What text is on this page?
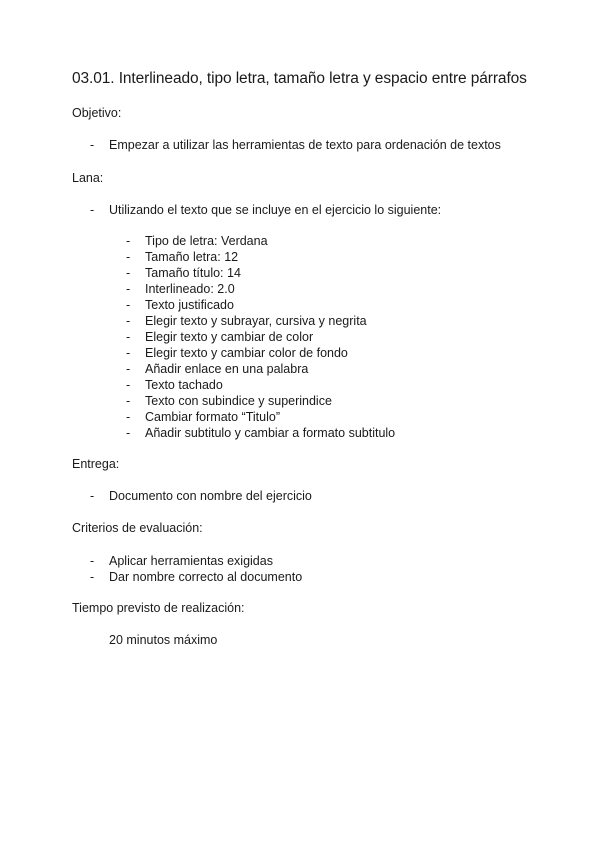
03.01. Interlineado, tipo letra, tamaño letra y espacio entre párrafos
Objetivo:
- Empezar a utilizar las herramientas de texto para ordenación de textos
Lana:
- Utilizando el texto que se incluye en el ejercicio lo siguiente:
- Tipo de letra: Verdana
- Tamaño letra: 12
- Tamaño título: 14
- Interlineado: 2.0
- Texto justificado
- Elegir texto y subrayar, cursiva y negrita
- Elegir texto y cambiar de color
- Elegir texto y cambiar color de fondo
- Añadir enlace en una palabra
- Texto tachado
- Texto con subindice y superindice
- Cambiar formato “Titulo”
- Añadir subtitulo y cambiar a formato subtitulo
Entrega:
- Documento con nombre del ejercicio
Criterios de evaluación:
- Aplicar herramientas exigidas
- Dar nombre correcto al documento
Tiempo previsto de realización:
20 minutos máximo
